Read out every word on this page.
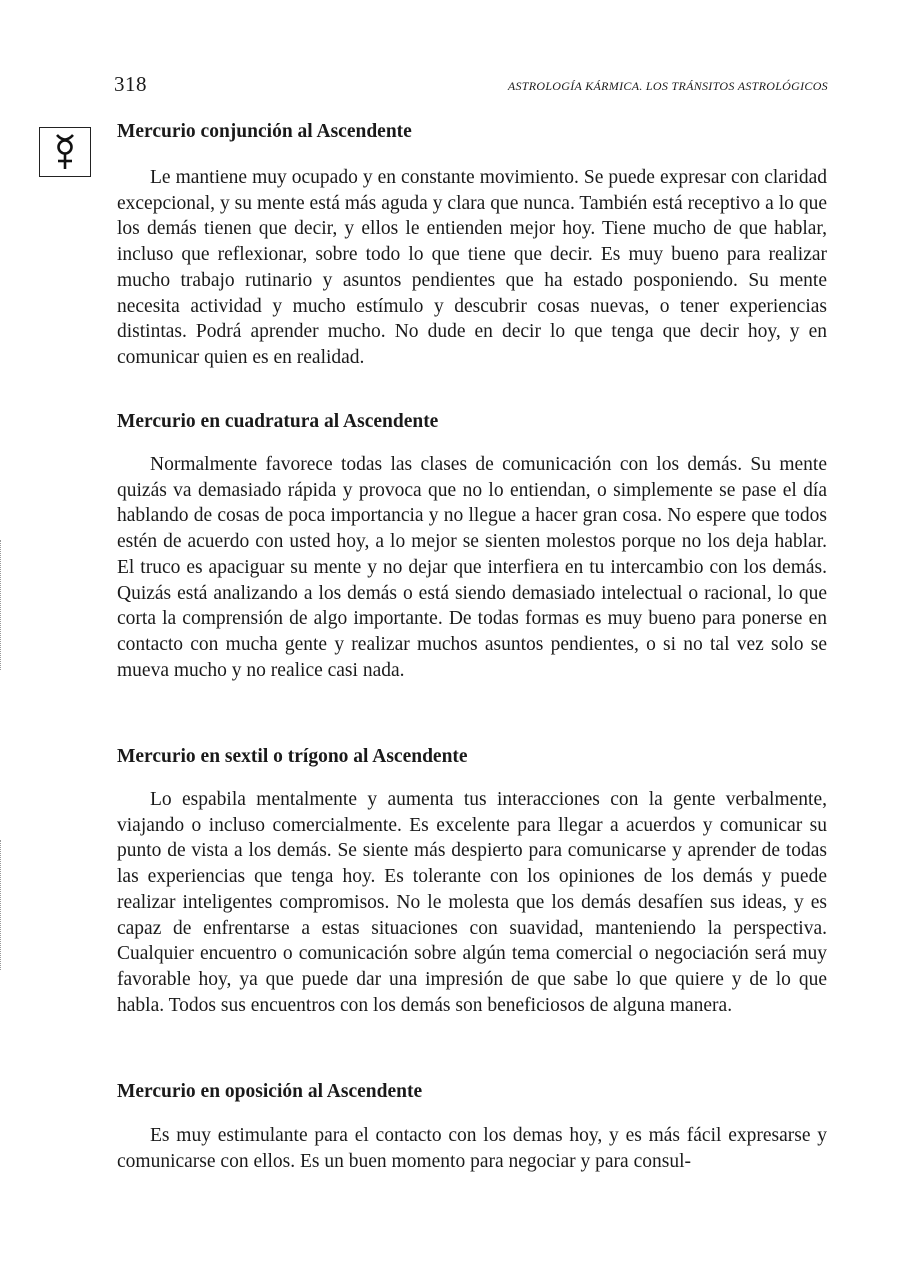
318	ASTROLOGÍA KÁRMICA. LOS TRÁNSITOS ASTROLÓGICOS
Mercurio conjunción al Ascendente

Le mantiene muy ocupado y en constante movimiento. Se puede expresar con claridad excepcional, y su mente está más aguda y clara que nunca. También está receptivo a lo que los demás tienen que decir, y ellos le entienden mejor hoy. Tiene mucho de que hablar, incluso que reflexionar, sobre todo lo que tiene que decir. Es muy bueno para realizar mucho trabajo rutinario y asuntos pendientes que ha estado posponiendo. Su mente necesita actividad y mucho estímulo y descubrir cosas nuevas, o tener experiencias distintas. Podrá aprender mucho. No dude en decir lo que tenga que decir hoy, y en comunicar quien es en realidad.

Mercurio en cuadratura al Ascendente

Normalmente favorece todas las clases de comunicación con los demás. Su mente quizás va demasiado rápida y provoca que no lo entiendan, o simplemente se pase el día hablando de cosas de poca importancia y no llegue a hacer gran cosa. No espere que todos estén de acuerdo con usted hoy, a lo mejor se sienten molestos porque no los deja hablar. El truco es apaciguar su mente y no dejar que interfiera en tu intercambio con los demás. Quizás está analizando a los demás o está siendo demasiado intelectual o racional, lo que corta la comprensión de algo importante. De todas formas es muy bueno para ponerse en contacto con mucha gente y realizar muchos asuntos pendientes, o si no tal vez solo se mueva mucho y no realice casi nada.

Mercurio en sextil o trígono al Ascendente

Lo espabila mentalmente y aumenta tus interacciones con la gente verbalmente, viajando o incluso comercialmente. Es excelente para llegar a acuerdos y comunicar su punto de vista a los demás. Se siente más despierto para comunicarse y aprender de todas las experiencias que tenga hoy. Es tolerante con los opiniones de los demás y puede realizar inteligentes compromisos. No le molesta que los demás desafíen sus ideas, y es capaz de enfrentarse a estas situaciones con suavidad, manteniendo la perspectiva. Cualquier encuentro o comunicación sobre algún tema comercial o negociación será muy favorable hoy, ya que puede dar una impresión de que sabe lo que quiere y de lo que habla. Todos sus encuentros con los demás son beneficiosos de alguna manera.

Mercurio en oposición al Ascendente

Es muy estimulante para el contacto con los demas hoy, y es más fácil expresarse y comunicarse con ellos. Es un buen momento para negociar y para consul-
